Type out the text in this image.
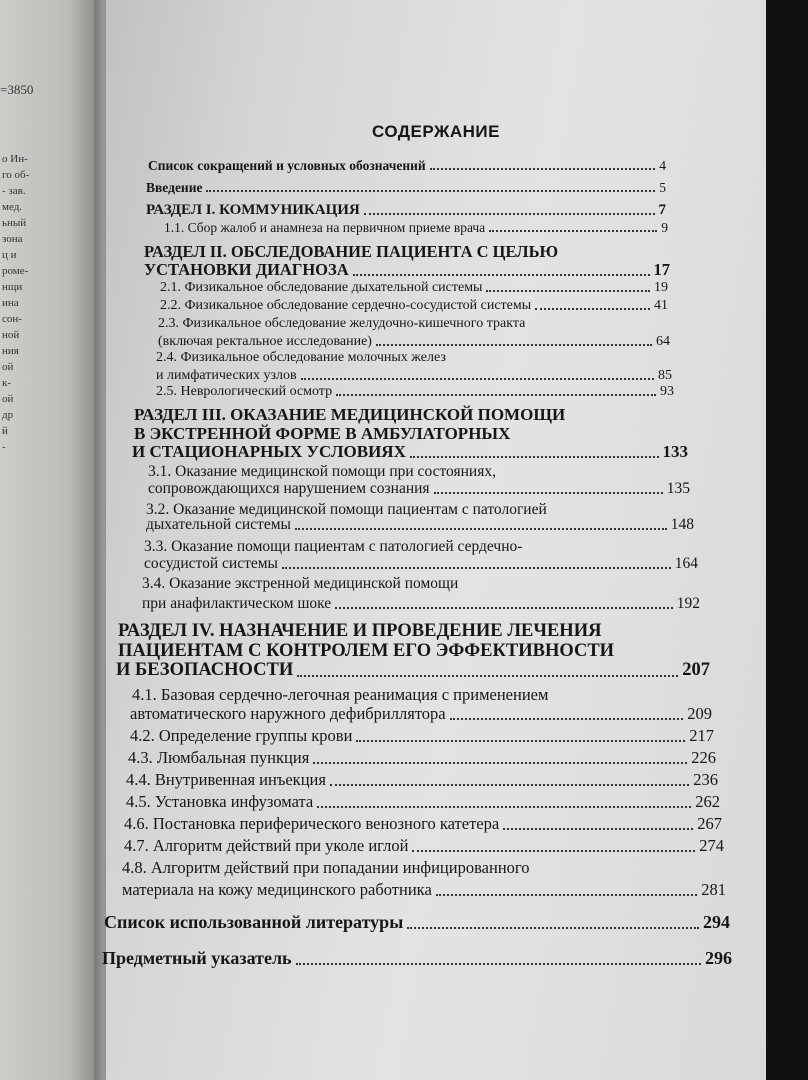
=3850
о Ин-
го об-
- зав.
мед.
ьный
зона
ц и
роме-
нщи
ина
сон-
ной
ния
ой
к-
ой
др
й
-
СОДЕРЖАНИЕ
Список сокращений и условных обозначений	4
Введение	5
РАЗДЕЛ I. КОММУНИКАЦИЯ	7
1.1. Сбор жалоб и анамнеза на первичном приеме врача	9
РАЗДЕЛ II. ОБСЛЕДОВАНИЕ ПАЦИЕНТА С ЦЕЛЬЮ
УСТАНОВКИ ДИАГНОЗА	17
2.1. Физикальное обследование дыхательной системы	19
2.2. Физикальное обследование сердечно-сосудистой системы	41
2.3. Физикальное обследование желудочно-кишечного тракта
(включая ректальное исследование)	64
2.4. Физикальное обследование молочных желез
и лимфатических узлов	85
2.5. Неврологический осмотр	93
РАЗДЕЛ III. ОКАЗАНИЕ МЕДИЦИНСКОЙ ПОМОЩИ
В ЭКСТРЕННОЙ ФОРМЕ В АМБУЛАТОРНЫХ
И СТАЦИОНАРНЫХ УСЛОВИЯХ	133
3.1. Оказание медицинской помощи при состояниях,
сопровождающихся нарушением сознания	135
3.2. Оказание медицинской помощи пациентам с патологией
дыхательной системы	148
3.3. Оказание помощи пациентам с патологией сердечно-
сосудистой системы	164
3.4. Оказание экстренной медицинской помощи
при анафилактическом шоке	192
РАЗДЕЛ IV. НАЗНАЧЕНИЕ И ПРОВЕДЕНИЕ ЛЕЧЕНИЯ
ПАЦИЕНТАМ С КОНТРОЛЕМ ЕГО ЭФФЕКТИВНОСТИ
И БЕЗОПАСНОСТИ	207
4.1. Базовая сердечно-легочная реанимация с применением
автоматического наружного дефибриллятора	209
4.2. Определение группы крови	217
4.3. Люмбальная пункция	226
4.4. Внутривенная инъекция	236
4.5. Установка инфузомата	262
4.6. Постановка периферического венозного катетера	267
4.7. Алгоритм действий при уколе иглой	274
4.8. Алгоритм действий при попадании инфицированного
материала на кожу медицинского работника	281
Список использованной литературы	294
Предметный указатель	296
